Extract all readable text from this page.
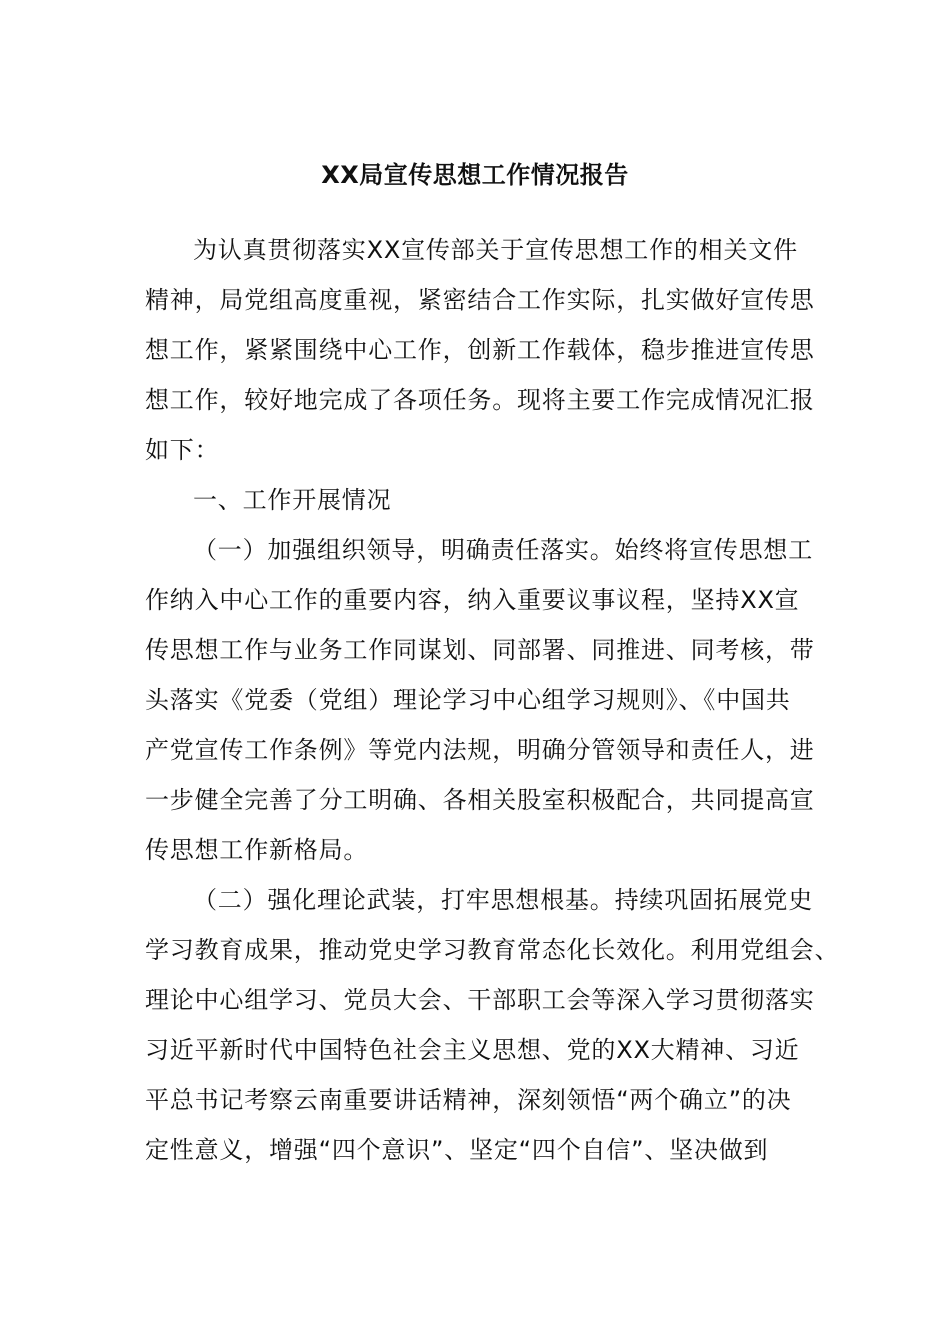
XX局宣传思想工作情况报告
为认真贯彻落实XX宣传部关于宣传思想工作的相关文件
精神，局党组高度重视，紧密结合工作实际，扎实做好宣传思
想工作，紧紧围绕中心工作，创新工作载体，稳步推进宣传思
想工作，较好地完成了各项任务。现将主要工作完成情况汇报
如下：
一、工作开展情况
（一）加强组织领导，明确责任落实。始终将宣传思想工
作纳入中心工作的重要内容，纳入重要议事议程，坚持XX宣
传思想工作与业务工作同谋划、同部署、同推进、同考核，带
头落实《党委（党组）理论学习中心组学习规则》、《中国共
产党宣传工作条例》等党内法规，明确分管领导和责任人，进
一步健全完善了分工明确、各相关股室积极配合，共同提高宣
传思想工作新格局。
（二）强化理论武装，打牢思想根基。持续巩固拓展党史
学习教育成果，推动党史学习教育常态化长效化。利用党组会、
理论中心组学习、党员大会、干部职工会等深入学习贯彻落实
习近平新时代中国特色社会主义思想、党的XX大精神、习近
平总书记考察云南重要讲话精神，深刻领悟“两个确立”的决
定性意义，增强“四个意识”、坚定“四个自信”、坚决做到
